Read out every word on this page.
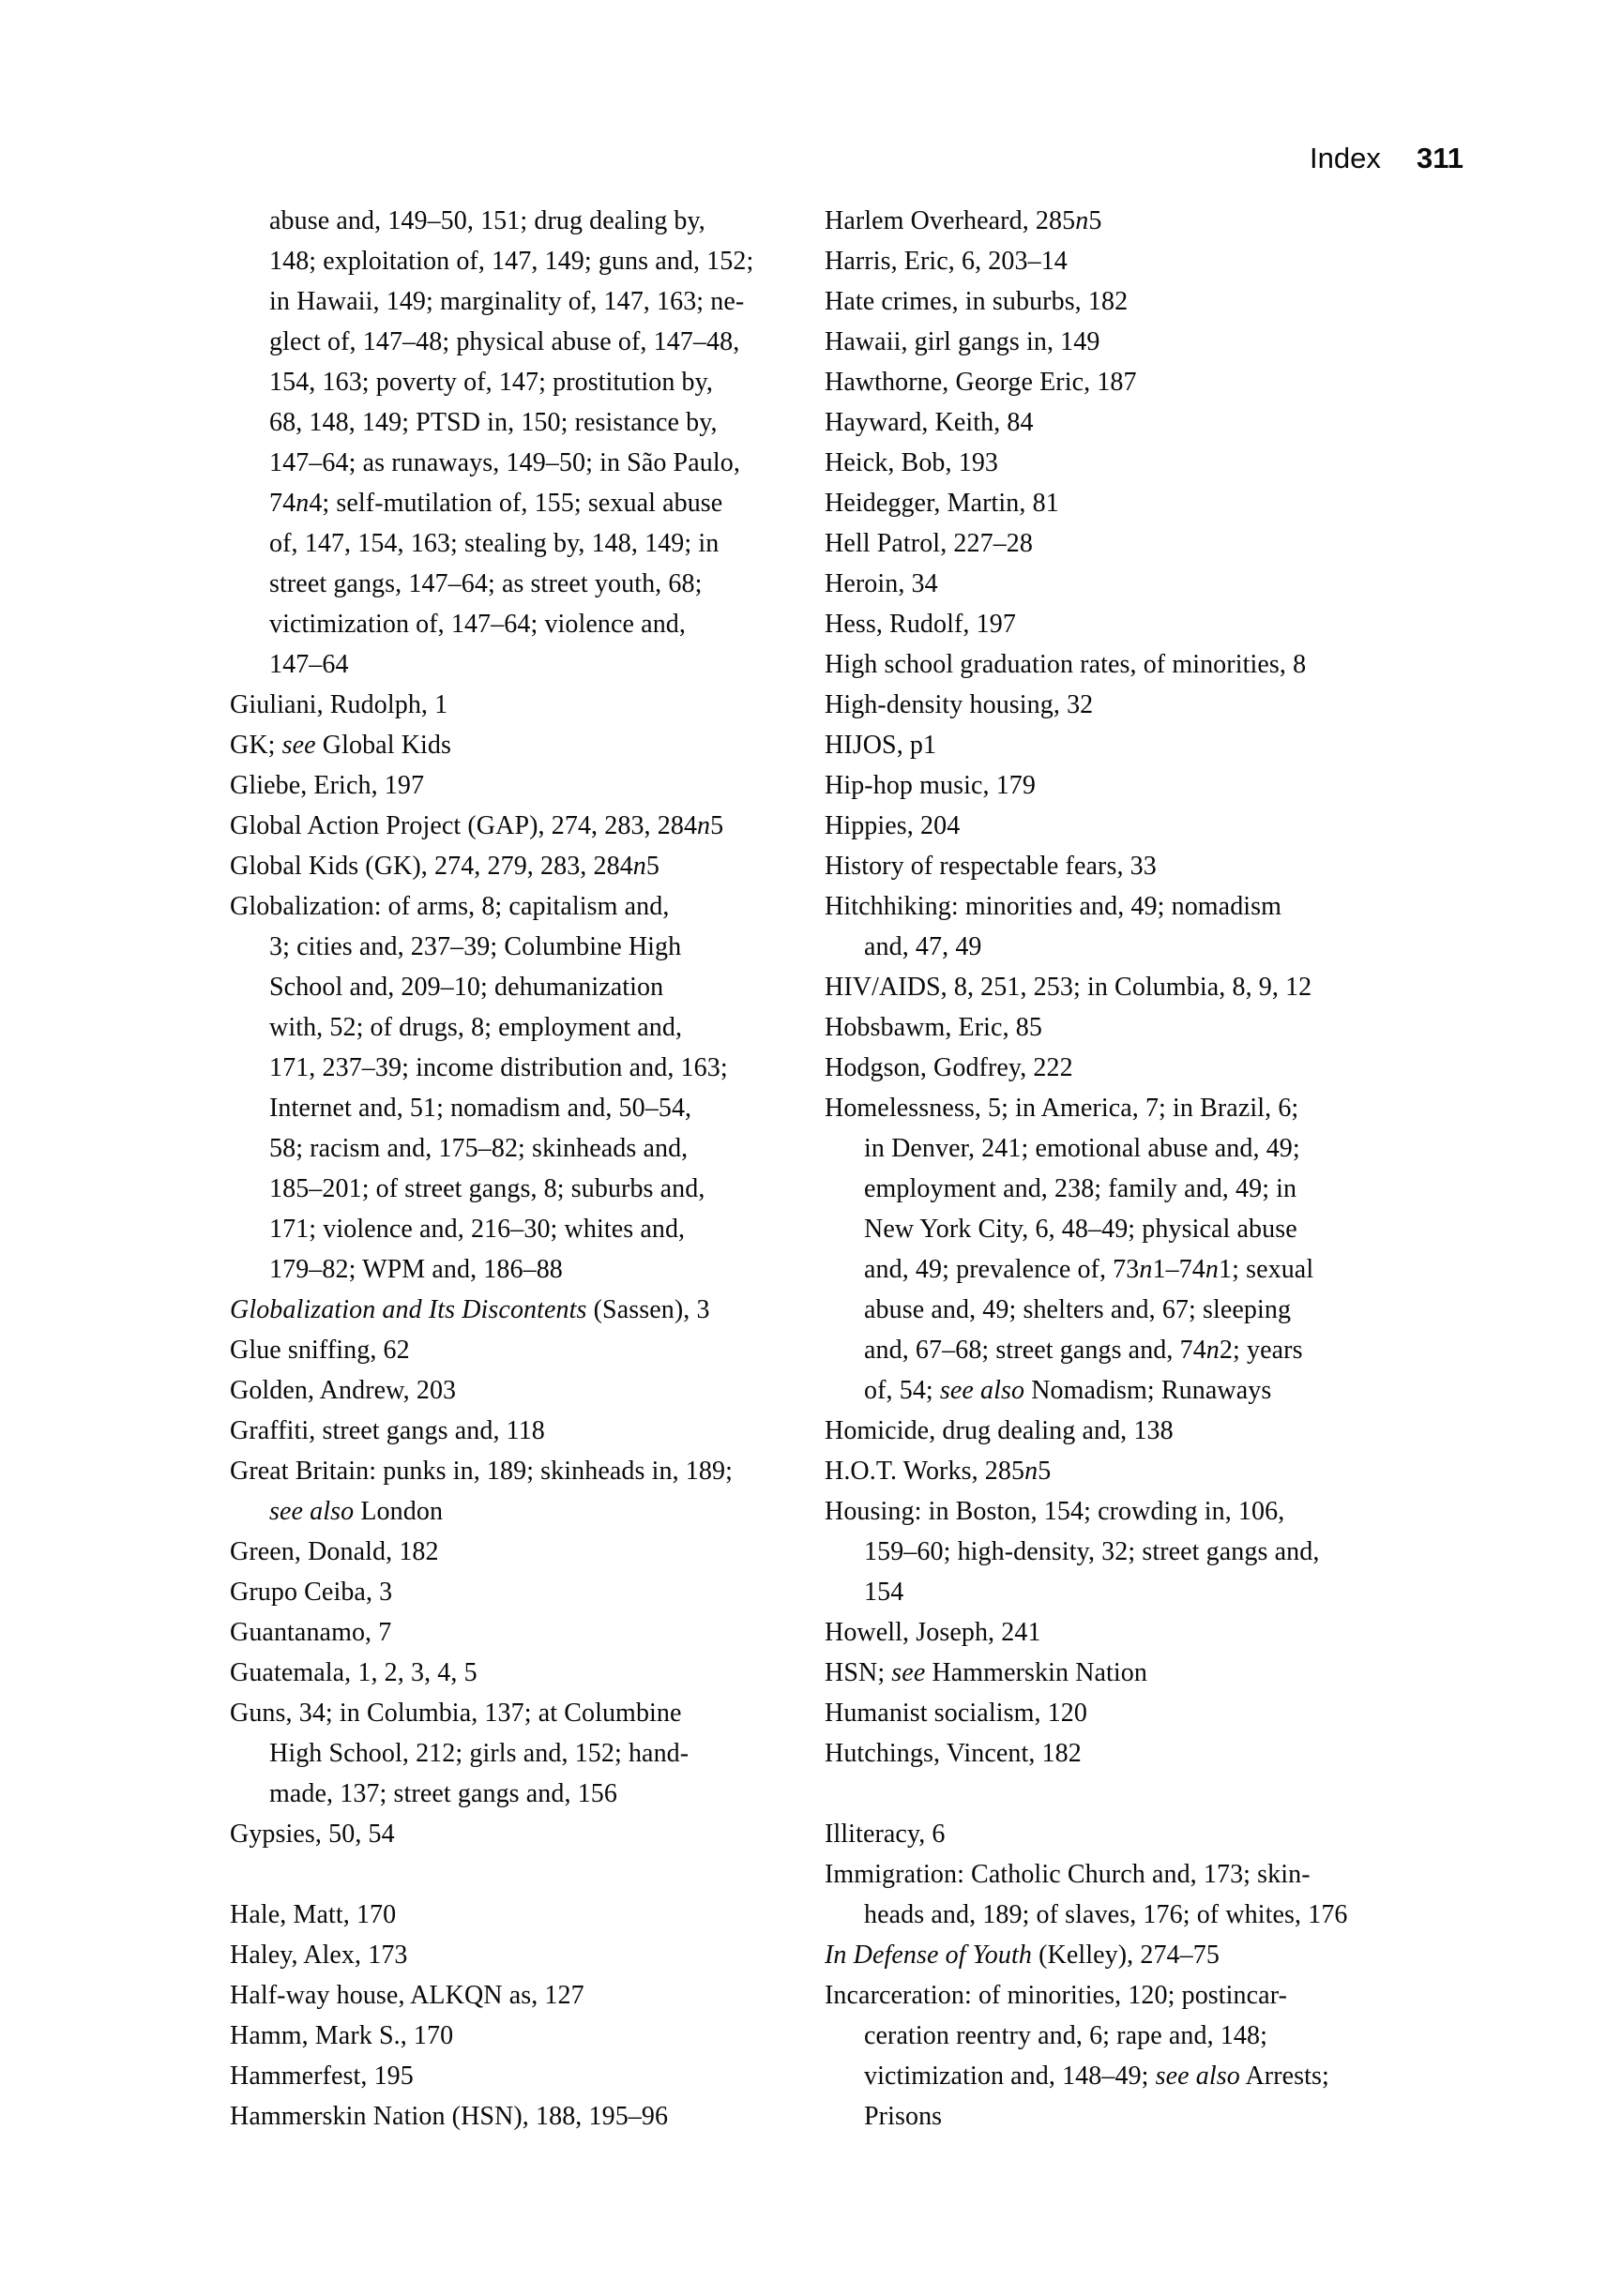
Index 311
abuse and, 149–50, 151; drug dealing by,
148; exploitation of, 147, 149; guns and, 152;
in Hawaii, 149; marginality of, 147, 163; ne-
glect of, 147–48; physical abuse of, 147–48,
154, 163; poverty of, 147; prostitution by,
68, 148, 149; PTSD in, 150; resistance by,
147–64; as runaways, 149–50; in São Paulo,
74n4; self-mutilation of, 155; sexual abuse
of, 147, 154, 163; stealing by, 148, 149; in
street gangs, 147–64; as street youth, 68;
victimization of, 147–64; violence and,
147–64
Giuliani, Rudolph, 1
GK; see Global Kids
Gliebe, Erich, 197
Global Action Project (GAP), 274, 283, 284n5
Global Kids (GK), 274, 279, 283, 284n5
Globalization: of arms, 8; capitalism and,
3; cities and, 237–39; Columbine High
School and, 209–10; dehumanization
with, 52; of drugs, 8; employment and,
171, 237–39; income distribution and, 163;
Internet and, 51; nomadism and, 50–54,
58; racism and, 175–82; skinheads and,
185–201; of street gangs, 8; suburbs and,
171; violence and, 216–30; whites and,
179–82; WPM and, 186–88
Globalization and Its Discontents (Sassen), 3
Glue sniffing, 62
Golden, Andrew, 203
Graffiti, street gangs and, 118
Great Britain: punks in, 189; skinheads in, 189;
see also London
Green, Donald, 182
Grupo Ceiba, 3
Guantanamo, 7
Guatemala, 1, 2, 3, 4, 5
Guns, 34; in Columbia, 137; at Columbine
High School, 212; girls and, 152; hand-
made, 137; street gangs and, 156
Gypsies, 50, 54
Hale, Matt, 170
Haley, Alex, 173
Half-way house, ALKQN as, 127
Hamm, Mark S., 170
Hammerfest, 195
Hammerskin Nation (HSN), 188, 195–96
Harlem Overheard, 285n5
Harris, Eric, 6, 203–14
Hate crimes, in suburbs, 182
Hawaii, girl gangs in, 149
Hawthorne, George Eric, 187
Hayward, Keith, 84
Heick, Bob, 193
Heidegger, Martin, 81
Hell Patrol, 227–28
Heroin, 34
Hess, Rudolf, 197
High school graduation rates, of minorities, 8
High-density housing, 32
HIJOS, p1
Hip-hop music, 179
Hippies, 204
History of respectable fears, 33
Hitchhiking: minorities and, 49; nomadism
and, 47, 49
HIV/AIDS, 8, 251, 253; in Columbia, 8, 9, 12
Hobsbawm, Eric, 85
Hodgson, Godfrey, 222
Homelessness, 5; in America, 7; in Brazil, 6;
in Denver, 241; emotional abuse and, 49;
employment and, 238; family and, 49; in
New York City, 6, 48–49; physical abuse
and, 49; prevalence of, 73n1–74n1; sexual
abuse and, 49; shelters and, 67; sleeping
and, 67–68; street gangs and, 74n2; years
of, 54; see also Nomadism; Runaways
Homicide, drug dealing and, 138
H.O.T. Works, 285n5
Housing: in Boston, 154; crowding in, 106,
159–60; high-density, 32; street gangs and,
154
Howell, Joseph, 241
HSN; see Hammerskin Nation
Humanist socialism, 120
Hutchings, Vincent, 182
Illiteracy, 6
Immigration: Catholic Church and, 173; skin-
heads and, 189; of slaves, 176; of whites, 176
In Defense of Youth (Kelley), 274–75
Incarceration: of minorities, 120; postincar-
ceration reentry and, 6; rape and, 148;
victimization and, 148–49; see also Arrests;
Prisons
